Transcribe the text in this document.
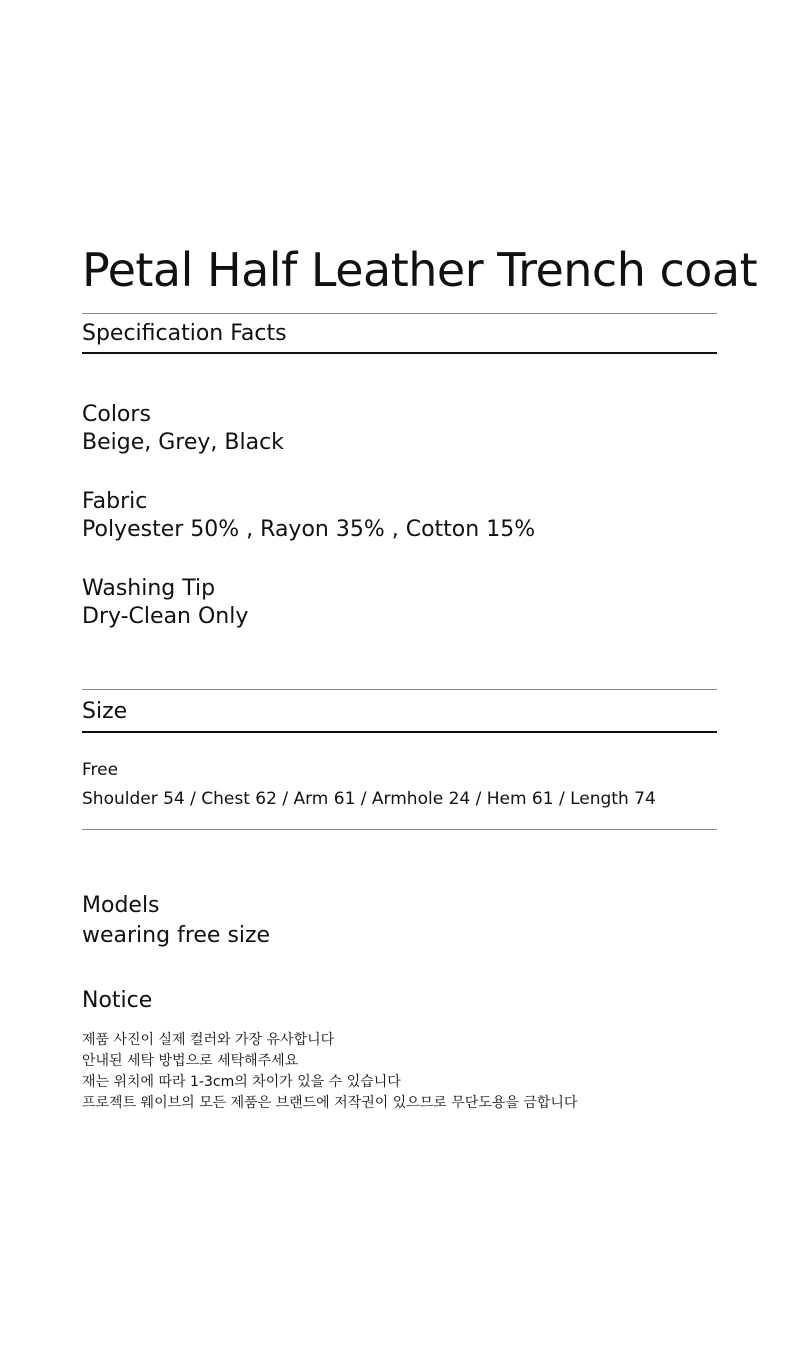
Petal Half Leather Trench coat
Specification Facts
Colors
Beige, Grey, Black
Fabric
Polyester 50% , Rayon 35% , Cotton 15%
Washing Tip
Dry-Clean Only
Size
Free
Shoulder 54 / Chest 62 / Arm 61 / Armhole 24 / Hem 61 / Length 74
Models
wearing free size
Notice
제품 사진이 실제 컬러와 가장 유사합니다
안내된 세탁 방법으로 세탁해주세요
재는 위치에 따라 1-3cm의 차이가 있을 수 있습니다
프로젝트 웨이브의 모든 제품은 브랜드에 저작권이 있으므로 무단도용을 금합니다
